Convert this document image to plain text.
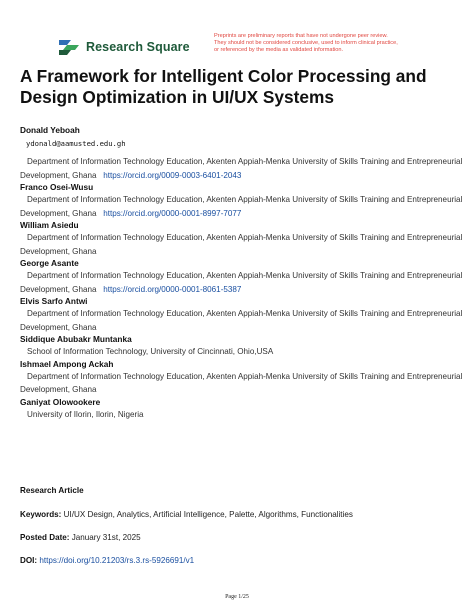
Research Square
Preprints are preliminary reports that have not undergone peer review.
They should not be considered conclusive, used to inform clinical practice,
or referenced by the media as validated information.
A Framework for Intelligent Color Processing and Design Optimization in UI/UX Systems
Donald Yeboah
ydonald@aamusted.edu.gh
Department of Information Technology Education, Akenten Appiah-Menka University of Skills Training and Entrepreneurial Development, Ghana https://orcid.org/0009-0003-6401-2043
Franco Osei-Wusu
Department of Information Technology Education, Akenten Appiah-Menka University of Skills Training and Entrepreneurial Development, Ghana https://orcid.org/0000-0001-8997-7077
William Asiedu
Department of Information Technology Education, Akenten Appiah-Menka University of Skills Training and Entrepreneurial Development, Ghana
George Asante
Department of Information Technology Education, Akenten Appiah-Menka University of Skills Training and Entrepreneurial Development, Ghana https://orcid.org/0000-0001-8061-5387
Elvis Sarfo Antwi
Department of Information Technology Education, Akenten Appiah-Menka University of Skills Training and Entrepreneurial Development, Ghana
Siddique Abubakr Muntanka
School of Information Technology, University of Cincinnati, Ohio,USA
Ishmael Ampong Ackah
Department of Information Technology Education, Akenten Appiah-Menka University of Skills Training and Entrepreneurial Development, Ghana
Ganiyat Olowookere
University of Ilorin, Ilorin, Nigeria
Research Article
Keywords: UI/UX Design, Analytics, Artificial Intelligence, Palette, Algorithms, Functionalities
Posted Date: January 31st, 2025
DOI: https://doi.org/10.21203/rs.3.rs-5926691/v1
Page 1/25
